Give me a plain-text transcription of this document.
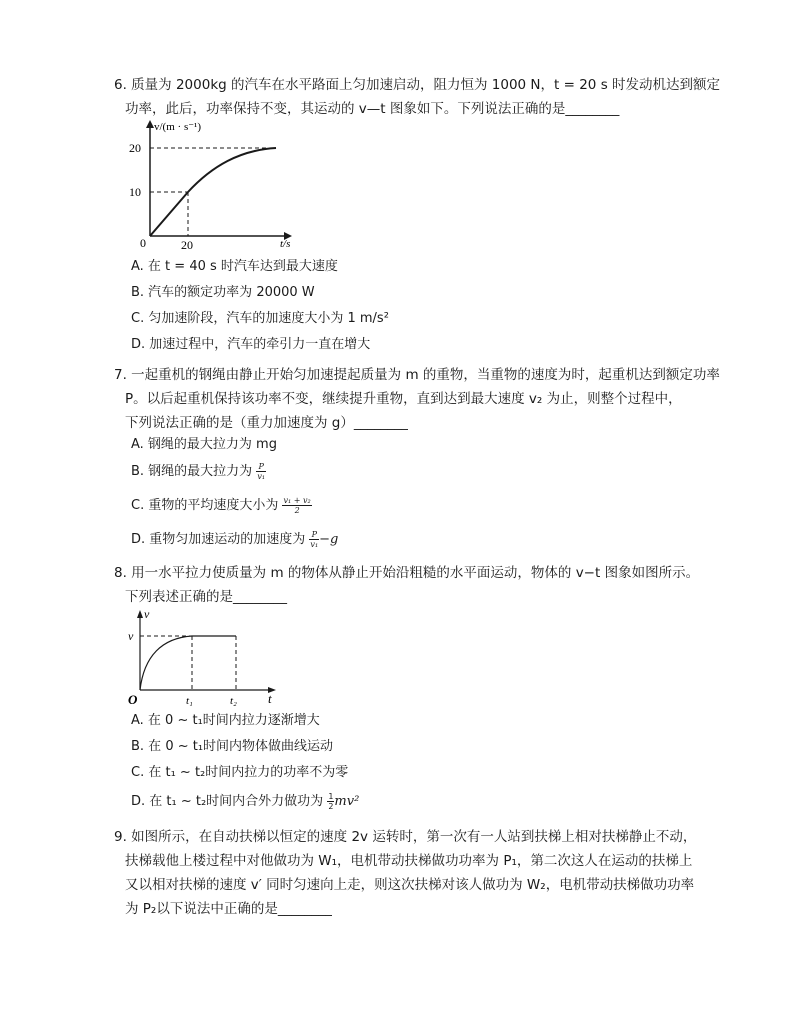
6. 质量为 2000kg 的汽车在水平路面上匀加速启动，阻力恒为 1000 N，t = 20 s 时发动机达到额定
功率，此后，功率保持不变，其运动的 v—t 图象如下。下列说法正确的是________
v/(m · s⁻¹)
t/s
0
20
10
20
A. 在 t = 40 s 时汽车达到最大速度
B. 汽车的额定功率为 20000 W
C. 匀加速阶段，汽车的加速度大小为 1 m/s²
D. 加速过程中，汽车的牵引力一直在增大
7. 一起重机的钢绳由静止开始匀加速提起质量为 m 的重物，当重物的速度为时，起重机达到额定功率
P。以后起重机保持该功率不变，继续提升重物，直到达到最大速度 v₂ 为止，则整个过程中，
下列说法正确的是（重力加速度为 g）________
A. 钢绳的最大拉力为 mg
B. 钢绳的最大拉力为 $\frac{P}{\text{v₁}}$
C. 重物的平均速度大小为 $\frac{\text{v₁ + v₂}}{2}$
D. 重物匀加速运动的加速度为 $\frac{P}{\text{v₁}} -g$
8. 用一水平拉力使质量为 m 的物体从静止开始沿粗糙的水平面运动，物体的 v−t 图象如图所示。
下列表述正确的是________
v
t
O
v
t₁	t₂
A. 在 0 ~ t₁时间内拉力逐渐增大
B. 在 0 ~ t₁时间内物体做曲线运动
C. 在 t₁ ~ t₂时间内拉力的功率不为零
D. 在 t₁ ~ t₂时间内合外力做功为 $\frac{1}{2} mv^2$
9. 如图所示，在自动扶梯以恒定的速度 2v 运转时，第一次有一人站到扶梯上相对扶梯静止不动，
扶梯载他上楼过程中对他做功为 W₁，电机带动扶梯做功功率为 P₁，第二次这人在运动的扶梯上
又以相对扶梯的速度 v′ 同时匀速向上走，则这次扶梯对该人做功为 W₂，电机带动扶梯做功功率
为 P₂以下说法中正确的是________
